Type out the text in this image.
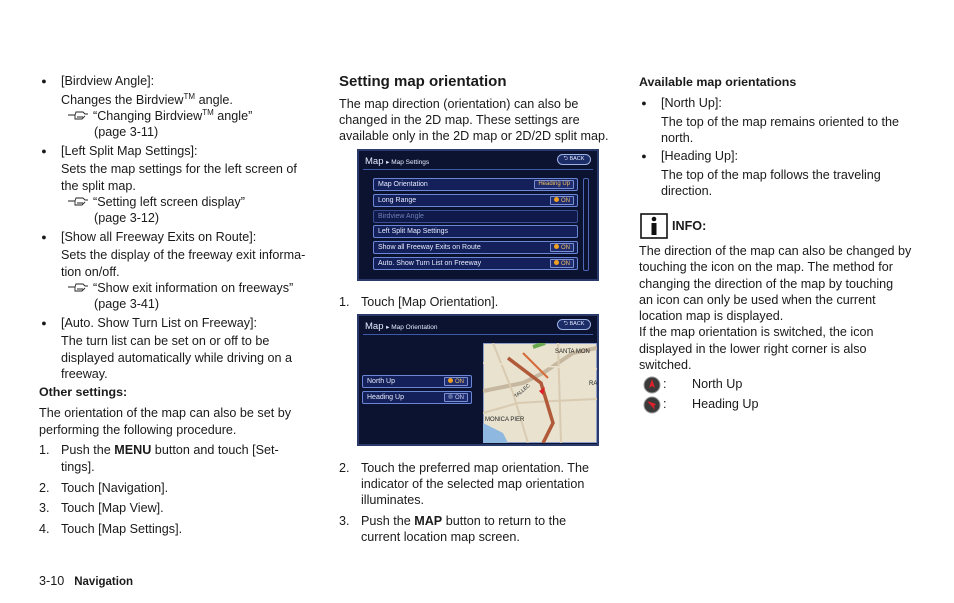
● [Birdview Angle]:
Changes the Birdview™ angle.
“Changing Birdview™ angle”
(page 3-11)
● [Left Split Map Settings]:
Sets the map settings for the left screen of
the split map.
“Setting left screen display”
(page 3-12)
● [Show all Freeway Exits on Route]:
Sets the display of the freeway exit informa-
tion on/off.
“Show exit information on freeways”
(page 3-41)
● [Auto. Show Turn List on Freeway]:
The turn list can be set on or off to be
displayed automatically while driving on a
freeway.
Other settings:
The orientation of the map can also be set by
performing the following procedure.
1. Push the MENU button and touch [Set-
tings].
2. Touch [Navigation].
3. Touch [Map View].
4. Touch [Map Settings].
Setting map orientation
The map direction (orientation) can also be
changed in the 2D map. These settings are
available only in the 2D map or 2D/2D split map.
Map ▸ Map Settings	⮌ BACK
Map Orientation	Heading Up
Long Range	ON
Birdview Angle
Left Split Map Settings
Show all Freeway Exits on Route	ON
Auto. Show Turn List on Freeway	ON
1. Touch [Map Orientation].
Map ▸ Map Orientation	⮌ BACK
North Up	ON
Heading Up	ON
SANTA MON
RA
TALLEC
MONICA PIER
2. Touch the preferred map orientation. The
indicator of the selected map orientation
illuminates.
3. Push the MAP button to return to the
current location map screen.
Available map orientations
● [North Up]:
The top of the map remains oriented to the
north.
● [Heading Up]:
The top of the map follows the traveling
direction.
INFO:
The direction of the map can also be changed by
touching the icon on the map. The method for
changing the direction of the map by touching
an icon can only be used when the current
location map is displayed.
If the map orientation is switched, the icon
displayed in the lower right corner is also
switched.
: North Up
: Heading Up
3-10 Navigation
